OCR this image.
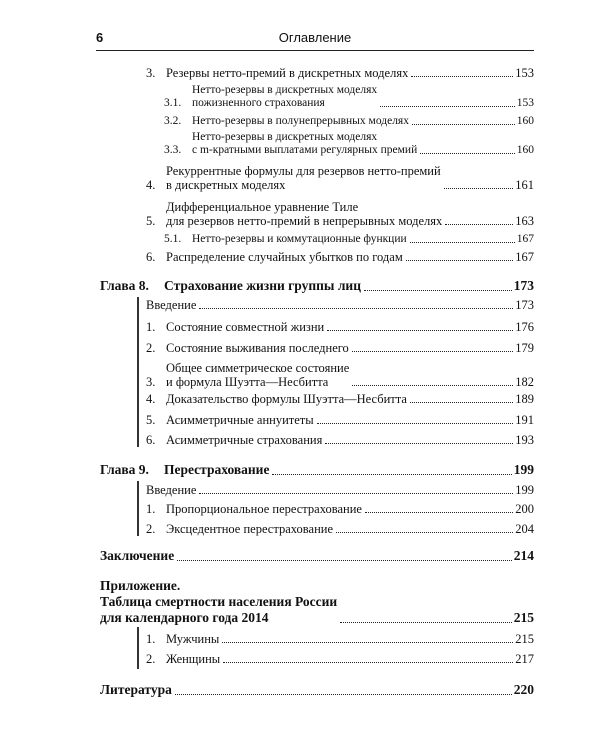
6	Оглавление
3. Резервы нетто-премий в дискретных моделях	153
3.1.
Нетто-резервы в дискретных моделях
пожизненного страхования	153
3.2. Нетто-резервы в полунепрерывных моделях	160
3.3.
Нетто-резервы в дискретных моделях
с m-кратными выплатами регулярных премий	160
4.
Рекуррентные формулы для резервов нетто-премий
в дискретных моделях	161
5.
Дифференциальное уравнение Тиле
для резервов нетто-премий в непрерывных моделях	163
5.1. Нетто-резервы и коммутационные функции	167
6. Распределение случайных убытков по годам	167
Глава 8.	Страхование жизни группы лиц	173
Введение	173
1. Состояние совместной жизни	176
2. Состояние выживания последнего	179
3.
Общее симметрическое состояние
и формула Шуэтта—Несбитта	182
4. Доказательство формулы Шуэтта—Несбитта	189
5. Асимметричные аннуитеты	191
6. Асимметричные страхования	193
Глава 9.	Перестрахование	199
Введение	199
1. Пропорциональное перестрахование	200
2. Эксцедентное перестрахование	204
Заключение	214
Приложение.
Таблица смертности населения России
для календарного года 2014	215
1. Мужчины	215
2. Женщины	217
Литература	220
